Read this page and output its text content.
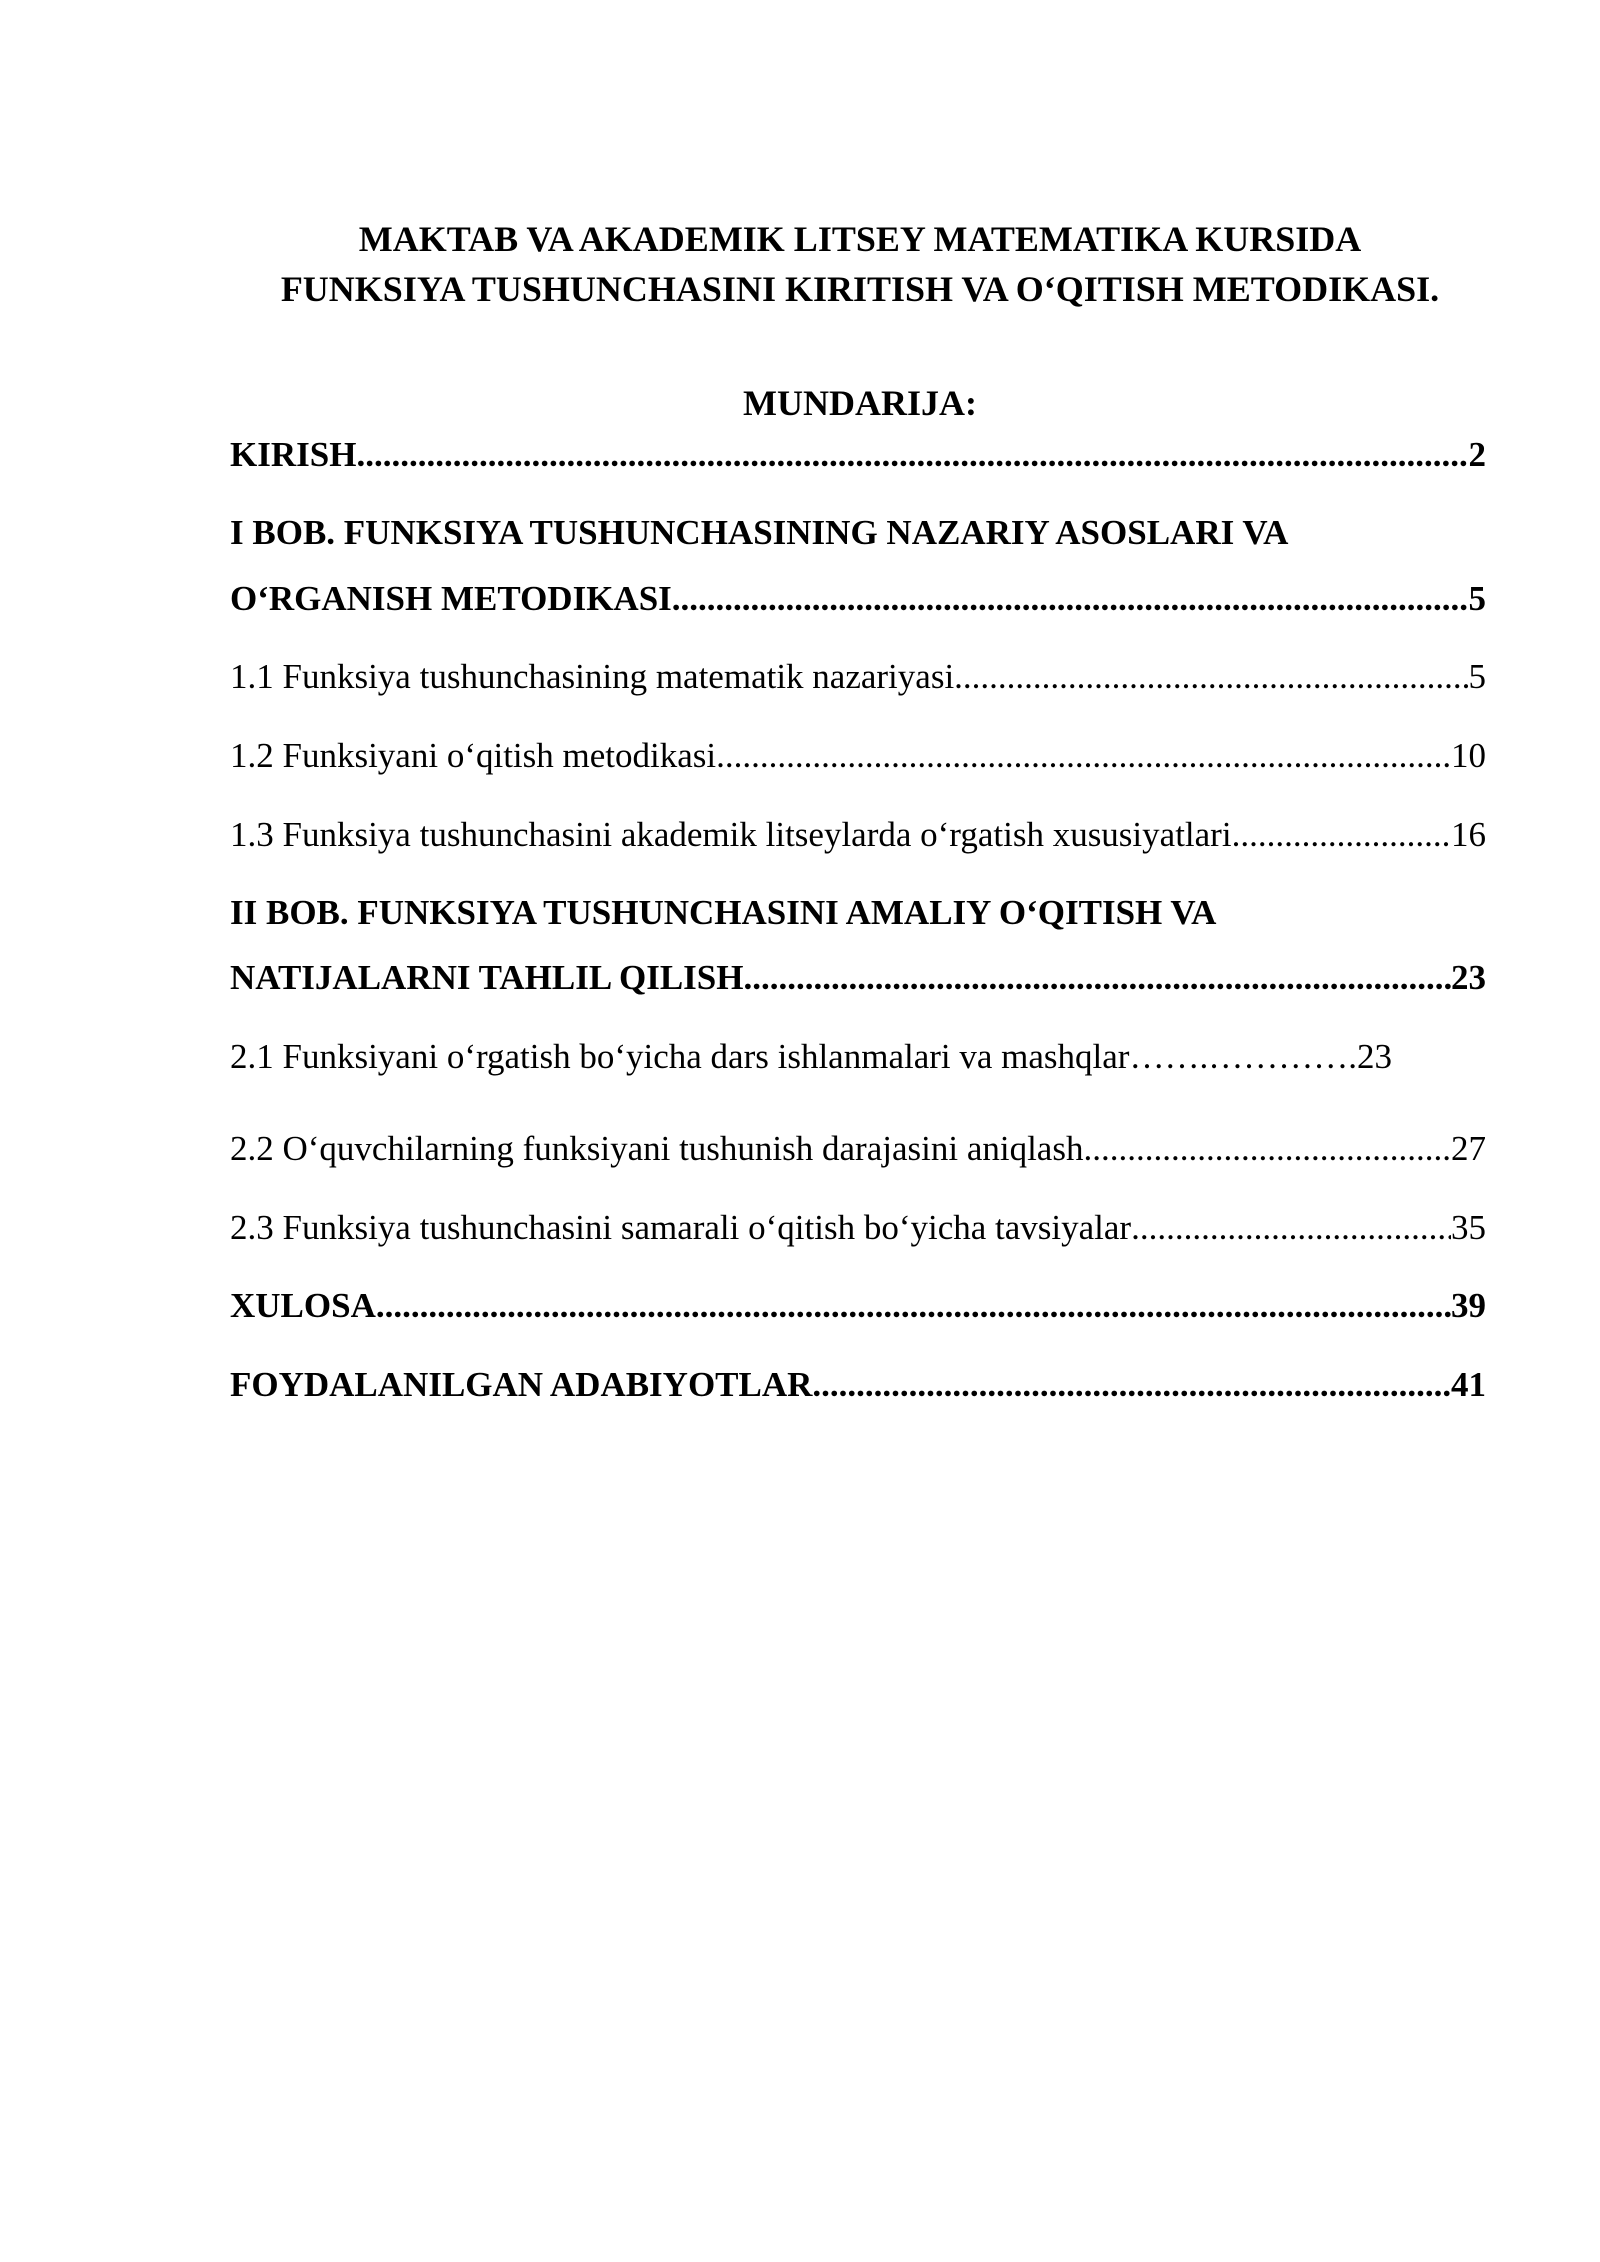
MAKTAB VA AKADEMIK LITSEY MATEMATIKA KURSIDA
FUNKSIYA TUSHUNCHASINI KIRITISH VA O‘QITISH METODIKASI.
MUNDARIJA:
KIRISH .....	2
I BOB. FUNKSIYA TUSHUNCHASINING NAZARIY ASOSLARI VA
O‘RGANISH METODIKASI .....	5
1.1 Funksiya tushunchasining matematik nazariyasi .....	5
1.2 Funksiyani o‘qitish metodikasi .....	10
1.3 Funksiya tushunchasini akademik litseylarda o‘rgatish xususiyatlari .....	16
II BOB. FUNKSIYA TUSHUNCHASINI AMALIY O‘QITISH VA
NATIJALARNI TAHLIL QILISH .....	23
2.1 Funksiyani o‘rgatish bo‘yicha dars ishlanmalari va mashqlar …….…………. 23
2.2 O‘quvchilarning funksiyani tushunish darajasini aniqlash .....	27
2.3 Funksiya tushunchasini samarali o‘qitish bo‘yicha tavsiyalar .....	35
XULOSA .....	39
FOYDALANILGAN ADABIYOTLAR .....	41
